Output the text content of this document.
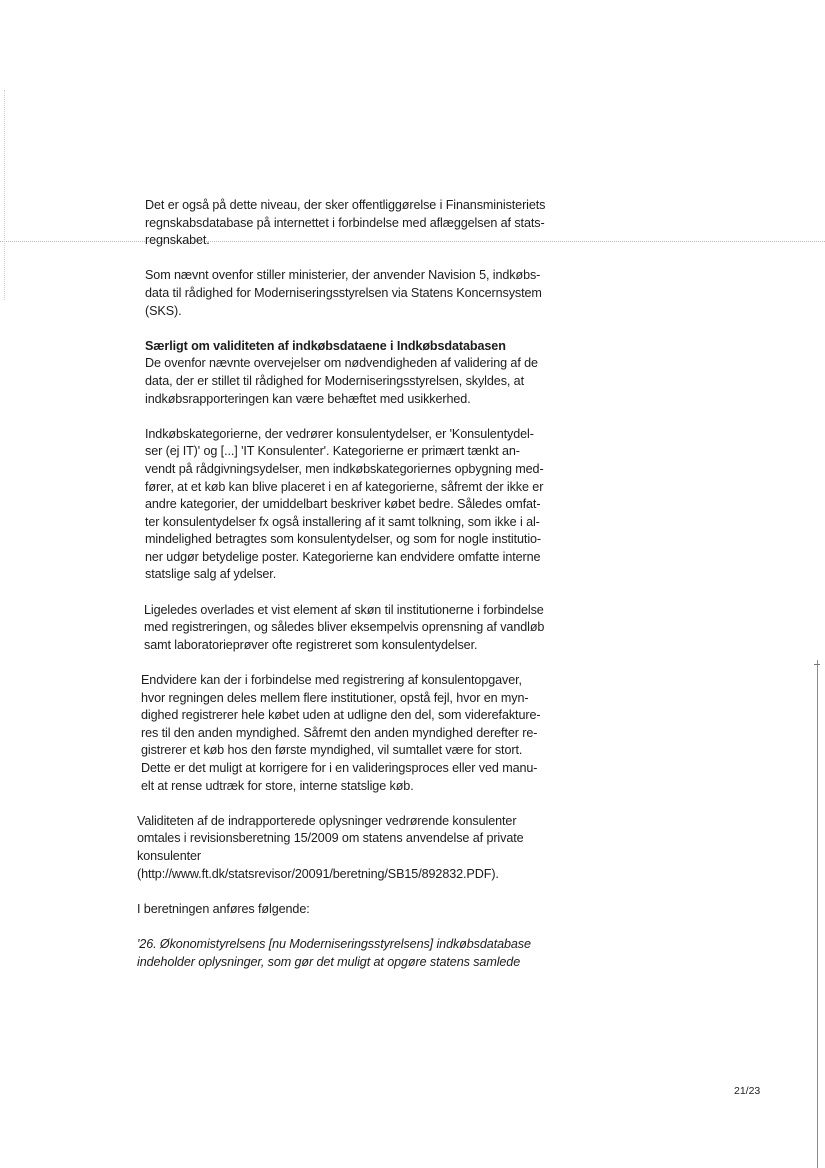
Det er også på dette niveau, der sker offentliggørelse i Finansministeriets
regnskabsdatabase på internettet i forbindelse med aflæggelsen af stats-
regnskabet.
Som nævnt ovenfor stiller ministerier, der anvender Navision 5, indkøbs-
data til rådighed for Moderniseringsstyrelsen via Statens Koncernsystem
(SKS).
Særligt om validiteten af indkøbsdataene i Indkøbsdatabasen
De ovenfor nævnte overvejelser om nødvendigheden af validering af de
data, der er stillet til rådighed for Moderniseringsstyrelsen, skyldes, at
indkøbsrapporteringen kan være behæftet med usikkerhed.
Indkøbskategorierne, der vedrører konsulentydelser, er 'Konsulentydel-
ser (ej IT)' og [...] 'IT Konsulenter'. Kategorierne er primært tænkt an-
vendt på rådgivningsydelser, men indkøbskategoriernes opbygning med-
fører, at et køb kan blive placeret i en af kategorierne, såfremt der ikke er
andre kategorier, der umiddelbart beskriver købet bedre. Således omfat-
ter konsulentydelser fx også installering af it samt tolkning, som ikke i al-
mindelighed betragtes som konsulentydelser, og som for nogle institutio-
ner udgør betydelige poster. Kategorierne kan endvidere omfatte interne
statslige salg af ydelser.
Ligeledes overlades et vist element af skøn til institutionerne i forbindelse
med registreringen, og således bliver eksempelvis oprensning af vandløb
samt laboratorieprøver ofte registreret som konsulentydelser.
Endvidere kan der i forbindelse med registrering af konsulentopgaver,
hvor regningen deles mellem flere institutioner, opstå fejl, hvor en myn-
dighed registrerer hele købet uden at udligne den del, som viderefakture-
res til den anden myndighed. Såfremt den anden myndighed derefter re-
gistrerer et køb hos den første myndighed, vil sumtallet være for stort.
Dette er det muligt at korrigere for i en valideringsproces eller ved manu-
elt at rense udtræk for store, interne statslige køb.
Validiteten af de indrapporterede oplysninger vedrørende konsulenter
omtales i revisionsberetning 15/2009 om statens anvendelse af private
konsulenter
(http://www.ft.dk/statsrevisor/20091/beretning/SB15/892832.PDF).
I beretningen anføres følgende:
'26. Økonomistyrelsens [nu Moderniseringsstyrelsens] indkøbsdatabase
indeholder oplysninger, som gør det muligt at opgøre statens samlede
21/23
